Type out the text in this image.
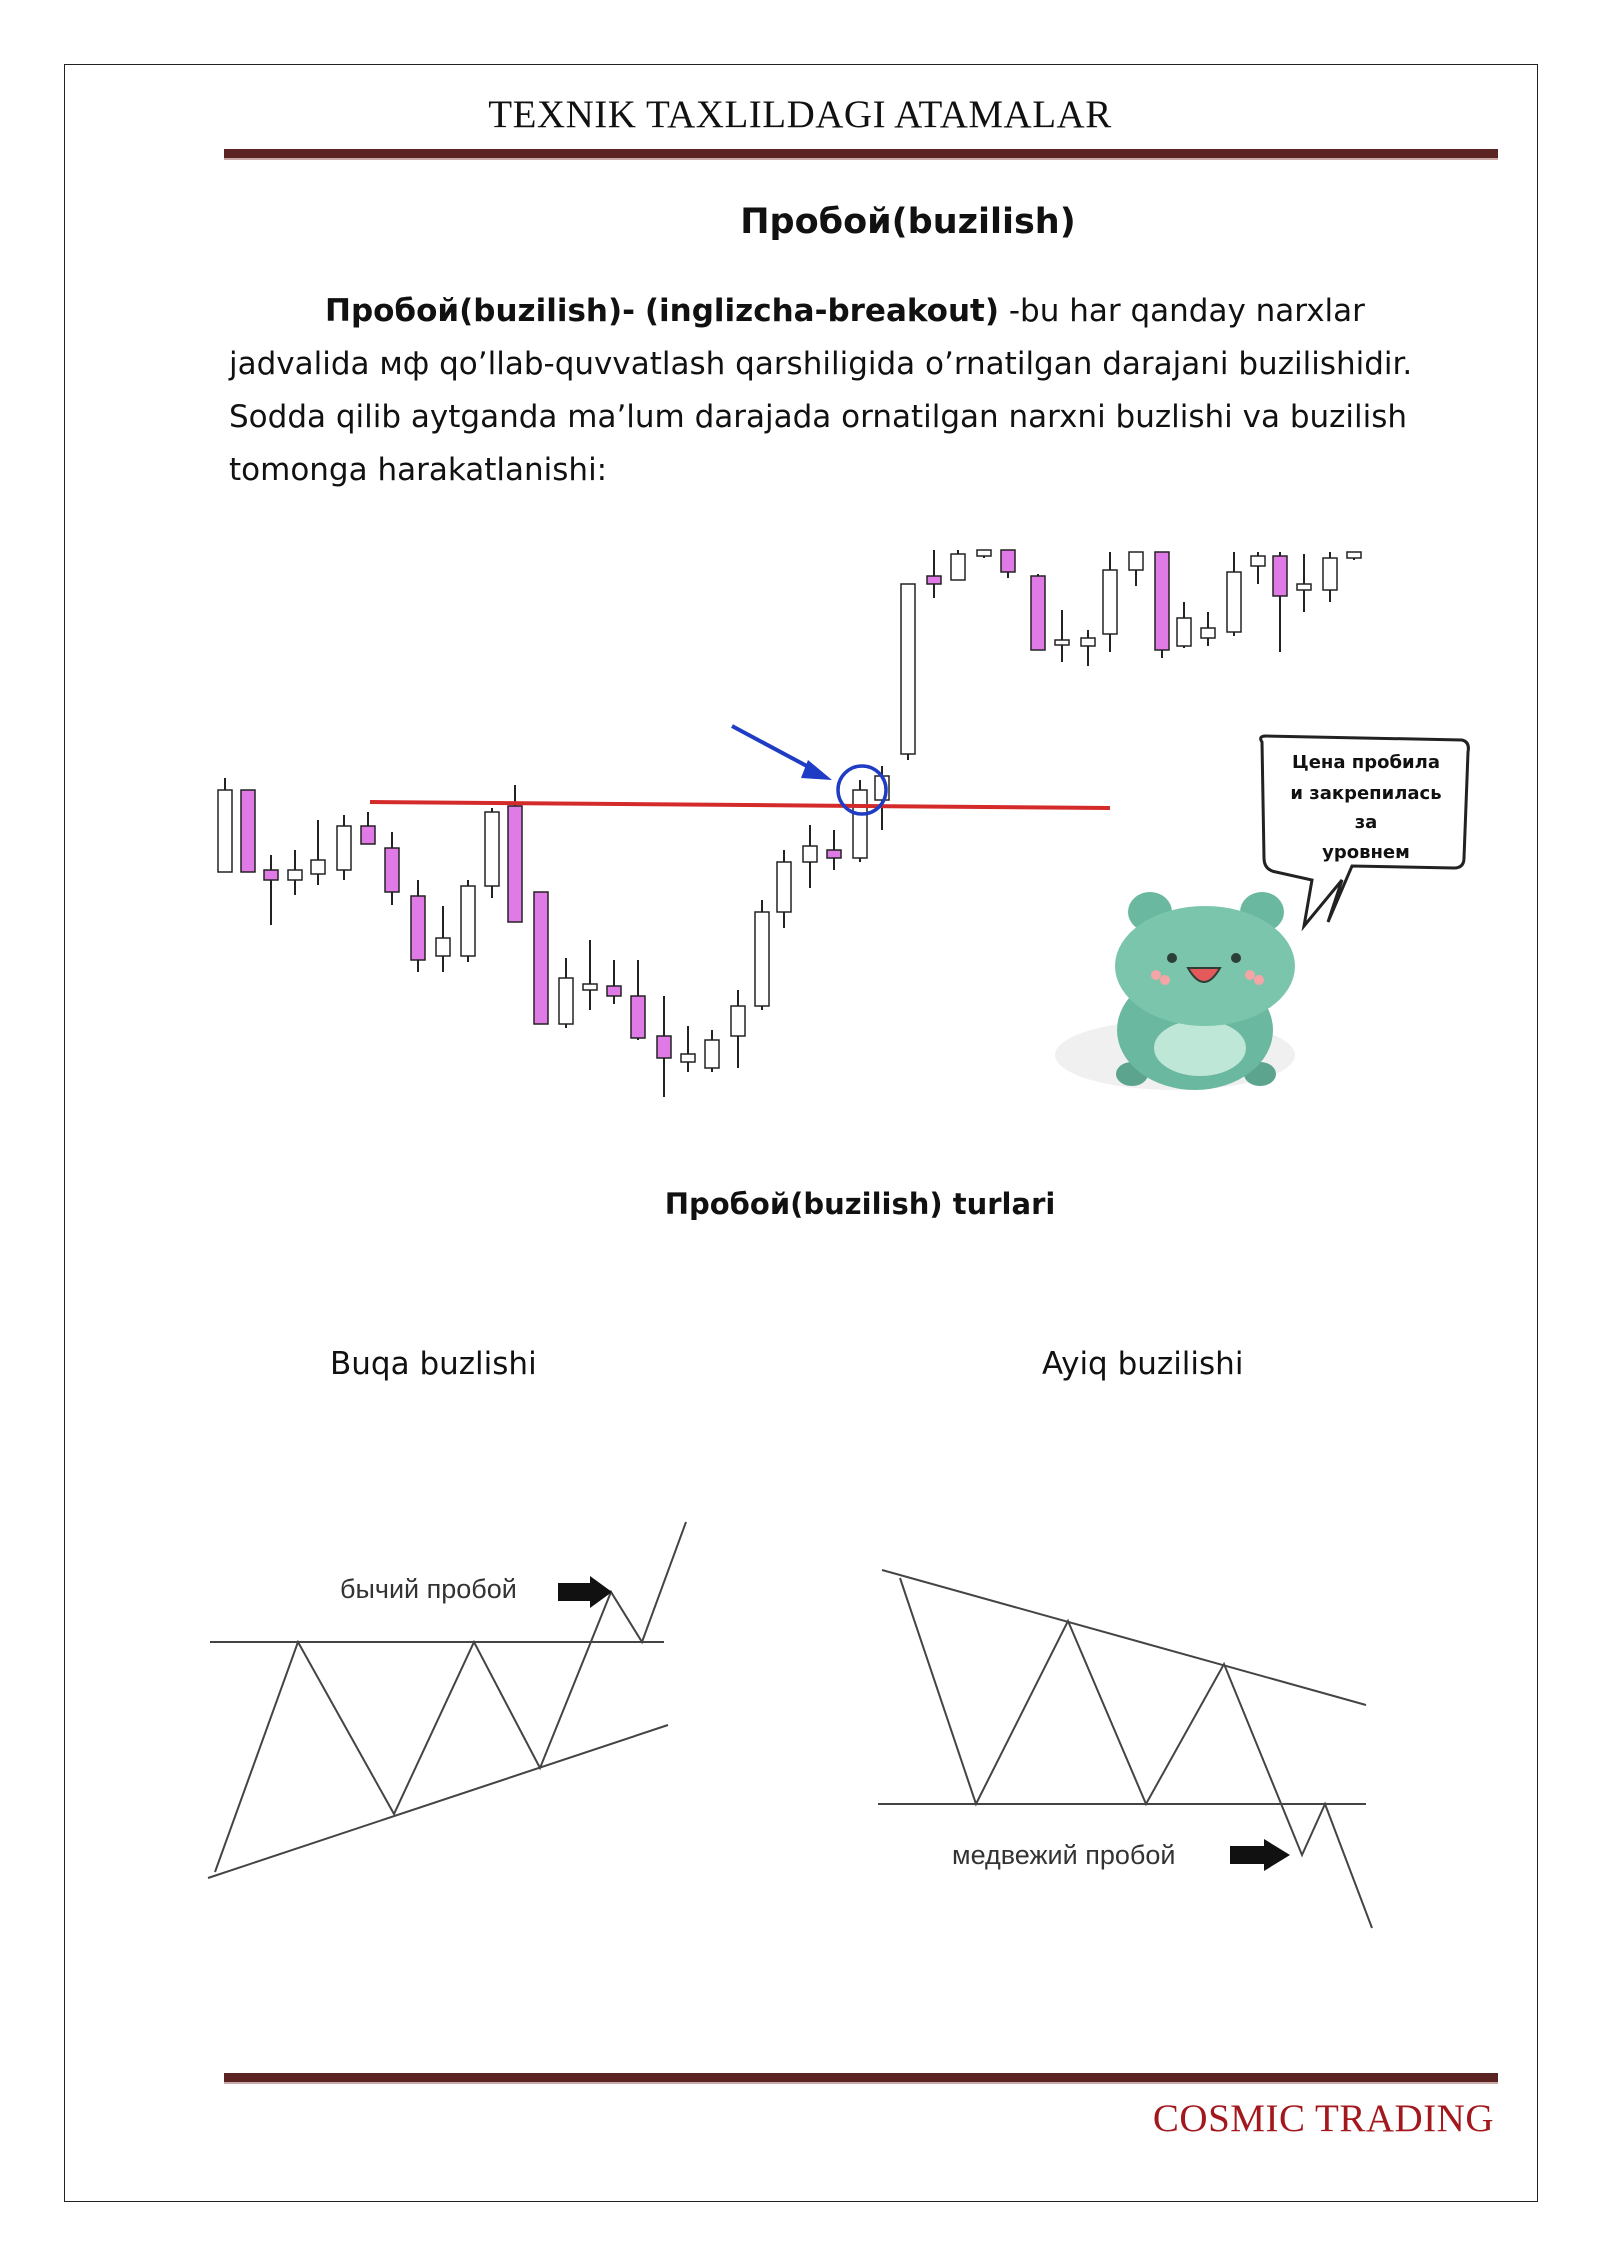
TEXNIK TAXLILDAGI ATAMALAR
Пробой(buzilish)
Пробой(buzilish)- (inglizcha-breakout) -bu har qanday narxlar jadvalida мф qo’llab-quvvatlash qarshiligida o’rnatilgan darajani buzilishidir. Sodda qilib aytganda ma’lum darajada ornatilgan narxni buzlishi va buzilish tomonga harakatlanishi:
Цена пробила
и закрепилась
за
уровнем
Пробой(buzilish) turlari
Buqa buzlishi	Ayiq buzilishi
бычий пробой
медвежий пробой
COSMIC TRADING
